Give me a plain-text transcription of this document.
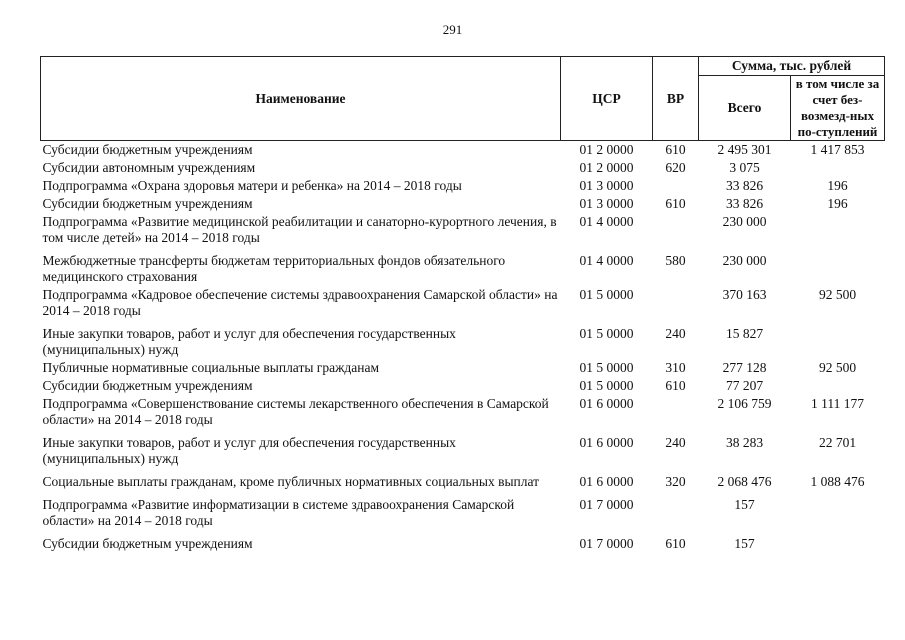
291
Наименование	ЦСР	ВР	Сумма, тыс. рублей	
			Всего	в том числе за счет без-возмезд-ных по-ступлений
Субсидии бюджетным учреждениям	01 2 0000	610	2 495 301	1 417 853
Субсидии автономным учреждениям	01 2 0000	620	3 075	
Подпрограмма «Охрана здоровья матери и ребенка» на 2014 – 2018 годы	01 3 0000		33 826	196
Субсидии бюджетным учреждениям	01 3 0000	610	33 826	196
Подпрограмма «Развитие медицинской реабилитации и санаторно-курортного лечения, в том числе детей» на 2014 – 2018 годы	01 4 0000		230 000	
Межбюджетные трансферты бюджетам территориальных фондов обязательного медицинского страхования	01 4 0000	580	230 000	
Подпрограмма «Кадровое обеспечение системы здравоохранения Самарской области» на 2014 – 2018 годы	01 5 0000		370 163	92 500
Иные закупки товаров, работ и услуг для обеспечения государственных (муниципальных) нужд	01 5 0000	240	15 827	
Публичные нормативные социальные выплаты гражданам	01 5 0000	310	277 128	92 500
Субсидии бюджетным учреждениям	01 5 0000	610	77 207	
Подпрограмма «Совершенствование системы лекарственного обеспечения в Самарской области» на 2014 – 2018 годы	01 6 0000		2 106 759	1 111 177
Иные закупки товаров, работ и услуг для обеспечения государственных (муниципальных) нужд	01 6 0000	240	38 283	22 701
Социальные выплаты гражданам, кроме публичных нормативных социальных выплат	01 6 0000	320	2 068 476	1 088 476
Подпрограмма «Развитие информатизации в системе здравоохранения Самарской области» на 2014 – 2018 годы	01 7 0000		157	
Субсидии бюджетным учреждениям	01 7 0000	610	157	
